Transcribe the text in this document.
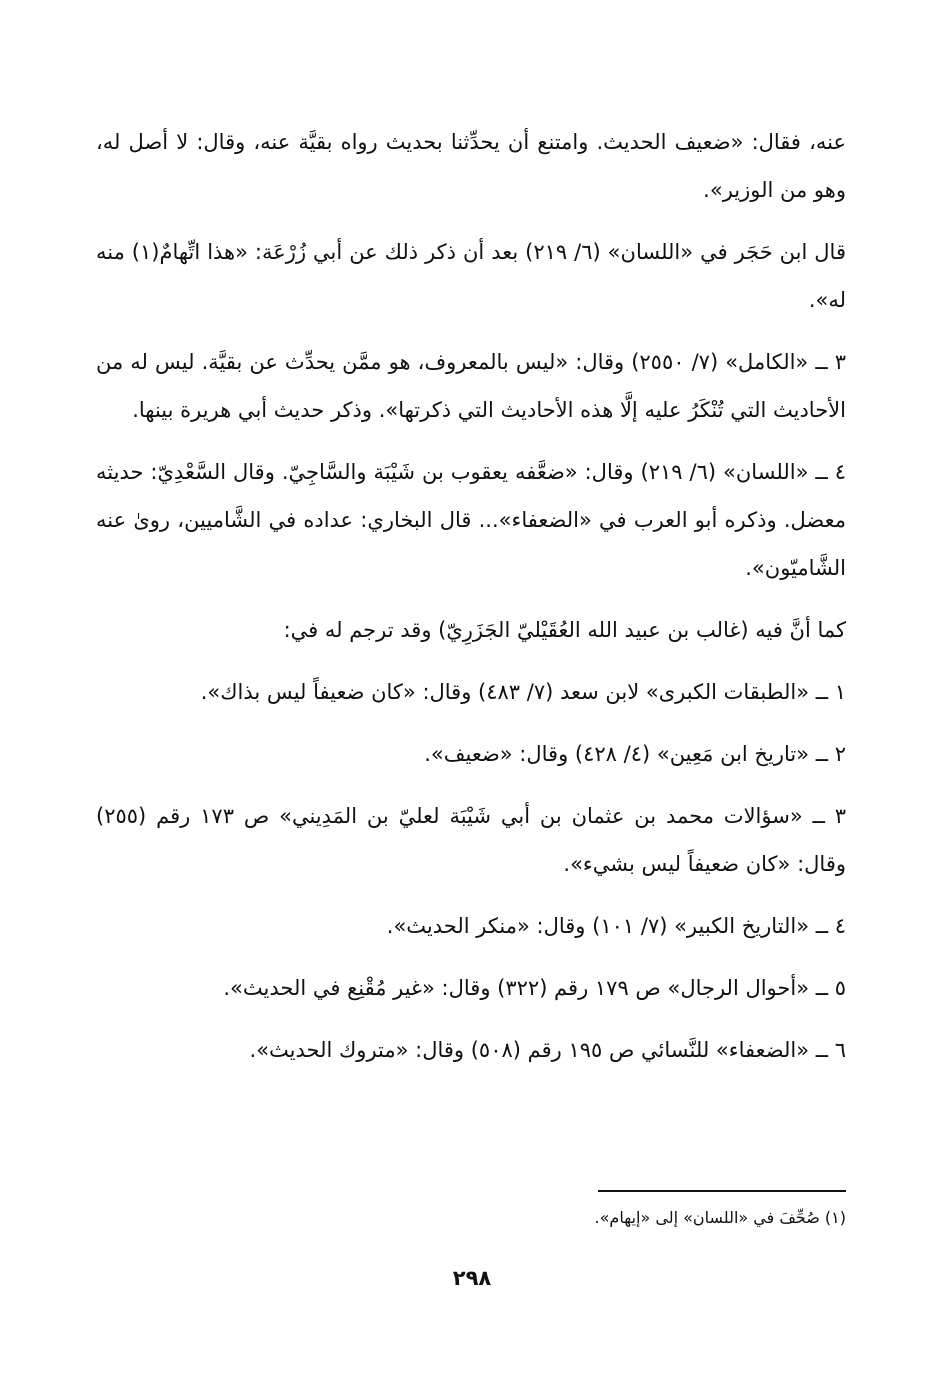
عنه، فقال: «ضعيف الحديث. وامتنع أن يحدِّثنا بحديث رواه بقيَّة عنه، وقال: لا أصل له، وهو من الوزير».

قال ابن حَجَر في «اللسان» (٦/ ٢١٩) بعد أن ذكر ذلك عن أبي زُرْعَة: «هذا اتِّهامٌ(١) منه له».

٣ ــ «الكامل» (٧/ ٢٥٥٠) وقال: «ليس بالمعروف، هو ممَّن يحدِّث عن بقيَّة. ليس له من الأحاديث التي تُنْكَرُ عليه إلَّا هذه الأحاديث التي ذكرتها». وذكر حديث أبي هريرة بينها.

٤ ــ «اللسان» (٦/ ٢١٩) وقال: «ضعَّفه يعقوب بن شَيْبَة والسَّاجِيّ. وقال السَّعْدِيّ: حديثه معضل. وذكره أبو العرب في «الضعفاء»... قال البخاري: عداده في الشَّاميين، روىٰ عنه الشَّاميّون».

كما أنَّ فيه (غالب بن عبيد الله العُقَيْليّ الجَزَرِيّ) وقد ترجم له في:

١ ــ «الطبقات الكبرى» لابن سعد (٧/ ٤٨٣) وقال: «كان ضعيفاً ليس بذاك».

٢ ــ «تاريخ ابن مَعِين» (٤/ ٤٢٨) وقال: «ضعيف».

٣ ــ «سؤالات محمد بن عثمان بن أبي شَيْبَة لعليّ بن المَدِيني» ص ١٧٣ رقم (٢٥٥) وقال: «كان ضعيفاً ليس بشيء».

٤ ــ «التاريخ الكبير» (٧/ ١٠١) وقال: «منكر الحديث».

٥ ــ «أحوال الرجال» ص ١٧٩ رقم (٣٢٢) وقال: «غير مُقْنِع في الحديث».

٦ ــ «الضعفاء» للنَّسائي ص ١٩٥ رقم (٥٠٨) وقال: «متروك الحديث».

(١) صُحِّفَ في «اللسان» إلى «إيهام».
٢٩٨
